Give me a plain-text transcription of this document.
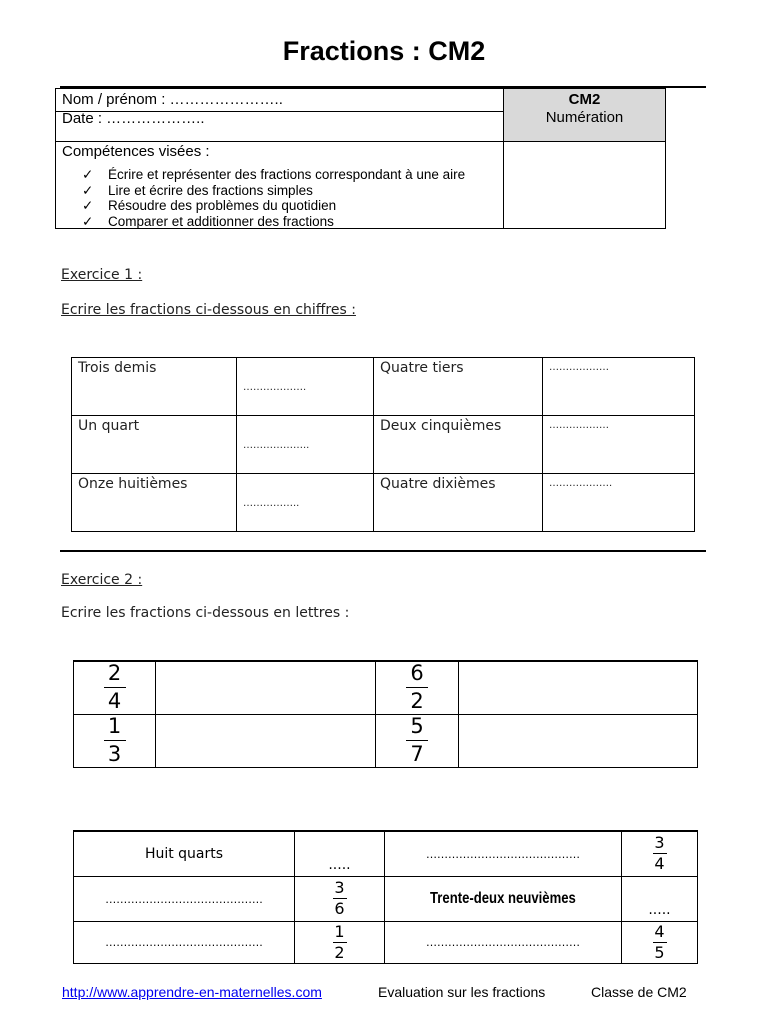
Fractions : CM2
Nom / prénom : …………………..
Date : ………………..
CM2
Numération
Compétences visées :
✓ Écrire et représenter des fractions correspondant à une aire
✓ Lire et écrire des fractions simples
✓ Résoudre des problèmes du quotidien
✓ Comparer et additionner des fractions
Exercice 1 :
Ecrire les fractions ci-dessous en chiffres :
Trois demis	……………….	Quatre tiers	………………

Un quart	………………..	Deux cinquièmes	………………

Onze huitièmes	……………..	Quatre dixièmes	……………….
Exercice 2 :
Ecrire les fractions ci-dessous en lettres :
$\frac{2}{4}$		$\frac{6}{2}$

$\frac{1}{3}$		$\frac{5}{7}$

Huit quarts	.....	……………………………………	$\frac{3}{4}$

…………………………………….	$\frac{3}{6}$	Trente-deux neuvièmes	.....
…………………………………….	$\frac{1}{2}$	……………………………………	$\frac{4}{5}$
http://www.apprendre-en-maternelles.com	Evaluation sur les fractions	Classe de CM2
